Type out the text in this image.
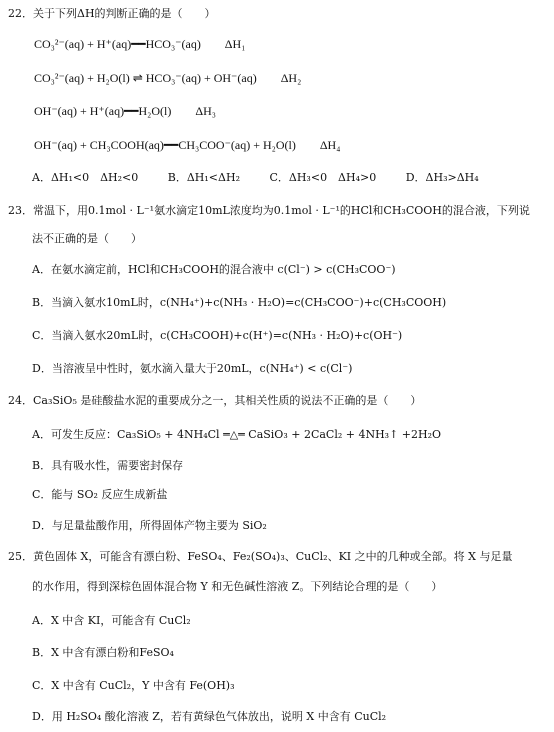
22．关于下列ΔH的判断正确的是（　　）
CO₃²⁻(aq) + H⁺(aq)━━HCO₃⁻(aq)　　ΔH₁
CO₃²⁻(aq) + H₂O(l) ⇌ HCO₃⁻(aq) + OH⁻(aq)　　ΔH₂
OH⁻(aq) + H⁺(aq)━━H₂O(l)　　ΔH₃
OH⁻(aq) + CH₃COOH(aq)━━CH₃COO⁻(aq) + H₂O(l)　　ΔH₄
A．ΔH₁<0　ΔH₂<0	B．ΔH₁<ΔH₂	C．ΔH₃<0　ΔH₄>0	D．ΔH₃>ΔH₄
23．常温下，用0.1mol · L⁻¹氨水滴定10mL浓度均为0.1mol · L⁻¹的HCl和CH₃COOH的混合液，下列说
法不正确的是（　　）
A．在氨水滴定前，HCl和CH₃COOH的混合液中 c(Cl⁻) > c(CH₃COO⁻)
B．当滴入氨水10mL时，c(NH₄⁺)+c(NH₃ · H₂O)=c(CH₃COO⁻)+c(CH₃COOH)
C．当滴入氨水20mL时，c(CH₃COOH)+c(H⁺)=c(NH₃ · H₂O)+c(OH⁻)
D．当溶液呈中性时，氨水滴入量大于20mL，c(NH₄⁺) < c(Cl⁻)
24．Ca₃SiO₅ 是硅酸盐水泥的重要成分之一，其相关性质的说法不正确的是（　　）
A．可发生反应：Ca₃SiO₅ + 4NH₄Cl ═△═ CaSiO₃ + 2CaCl₂ + 4NH₃↑ +2H₂O
B．具有吸水性，需要密封保存
C．能与 SO₂ 反应生成新盐
D．与足量盐酸作用，所得固体产物主要为 SiO₂
25．黄色固体 X，可能含有漂白粉、FeSO₄、Fe₂(SO₄)₃、CuCl₂、KI 之中的几种或全部。将 X 与足量
的水作用，得到深棕色固体混合物 Y 和无色碱性溶液 Z。下列结论合理的是（　　）
A．X 中含 KI，可能含有 CuCl₂
B．X 中含有漂白粉和FeSO₄
C．X 中含有 CuCl₂，Y 中含有 Fe(OH)₃
D．用 H₂SO₄ 酸化溶液 Z，若有黄绿色气体放出，说明 X 中含有 CuCl₂
